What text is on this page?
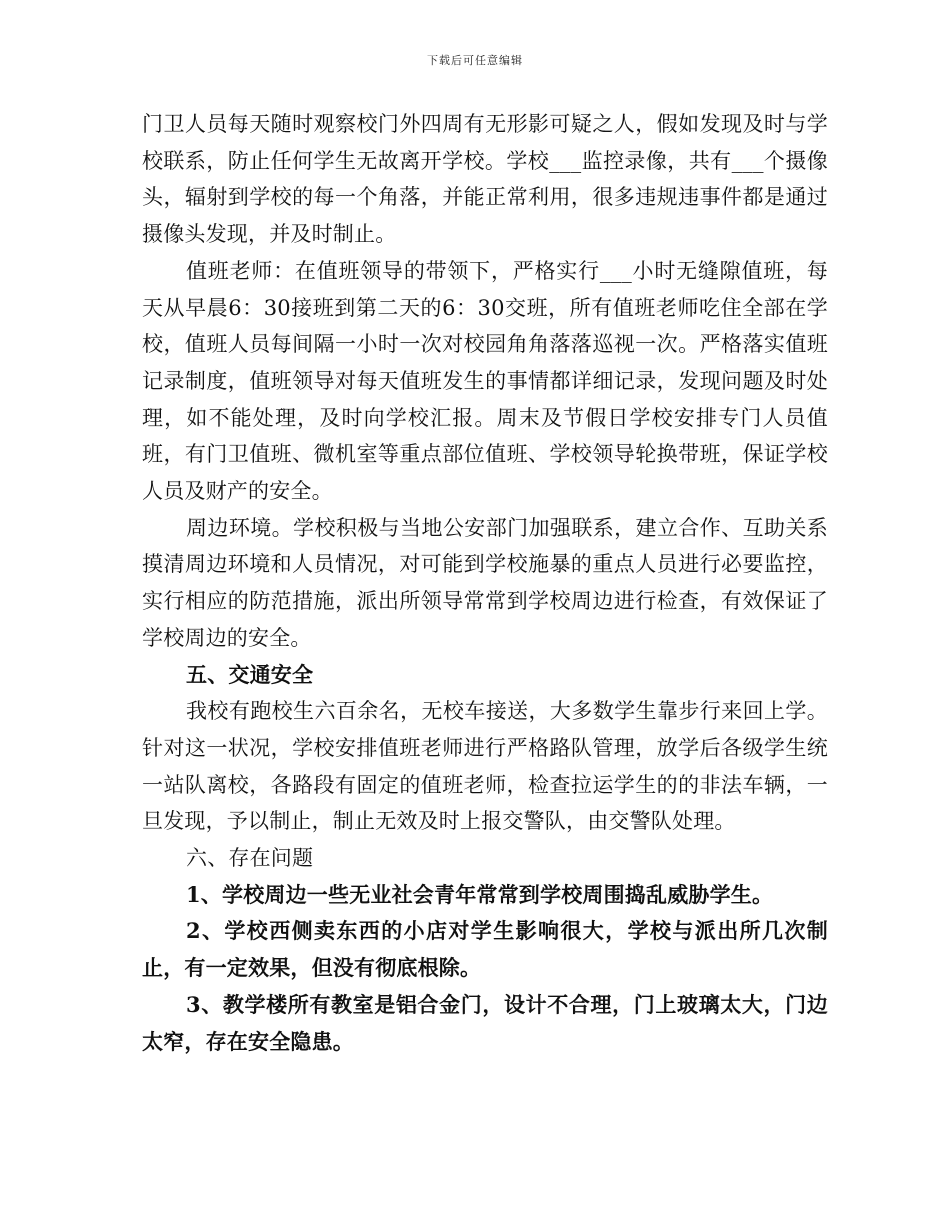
下载后可任意编辑

门卫人员每天随时观察校门外四周有无形影可疑之人，假如发现及时与学校联系，防止任何学生无故离开学校。学校___监控录像，共有___个摄像头，辐射到学校的每一个角落，并能正常利用，很多违规违事件都是通过摄像头发现，并及时制止。

值班老师：在值班领导的带领下，严格实行___小时无缝隙值班，每天从早晨6：30接班到第二天的6：30交班，所有值班老师吃住全部在学校，值班人员每间隔一小时一次对校园角角落落巡视一次。严格落实值班记录制度，值班领导对每天值班发生的事情都详细记录，发现问题及时处理，如不能处理，及时向学校汇报。周末及节假日学校安排专门人员值班，有门卫值班、微机室等重点部位值班、学校领导轮换带班，保证学校人员及财产的安全。

周边环境。学校积极与当地公安部门加强联系，建立合作、互助关系摸清周边环境和人员情况，对可能到学校施暴的重点人员进行必要监控，实行相应的防范措施，派出所领导常常到学校周边进行检查，有效保证了学校周边的安全。

五、交通安全

我校有跑校生六百余名，无校车接送，大多数学生靠步行来回上学。针对这一状况，学校安排值班老师进行严格路队管理，放学后各级学生统一站队离校，各路段有固定的值班老师，检查拉运学生的的非法车辆，一旦发现，予以制止，制止无效及时上报交警队，由交警队处理。

六、存在问题

1、学校周边一些无业社会青年常常到学校周围捣乱威胁学生。

2、学校西侧卖东西的小店对学生影响很大，学校与派出所几次制止，有一定效果，但没有彻底根除。

3、教学楼所有教室是铝合金门，设计不合理，门上玻璃太大，门边太窄，存在安全隐患。
